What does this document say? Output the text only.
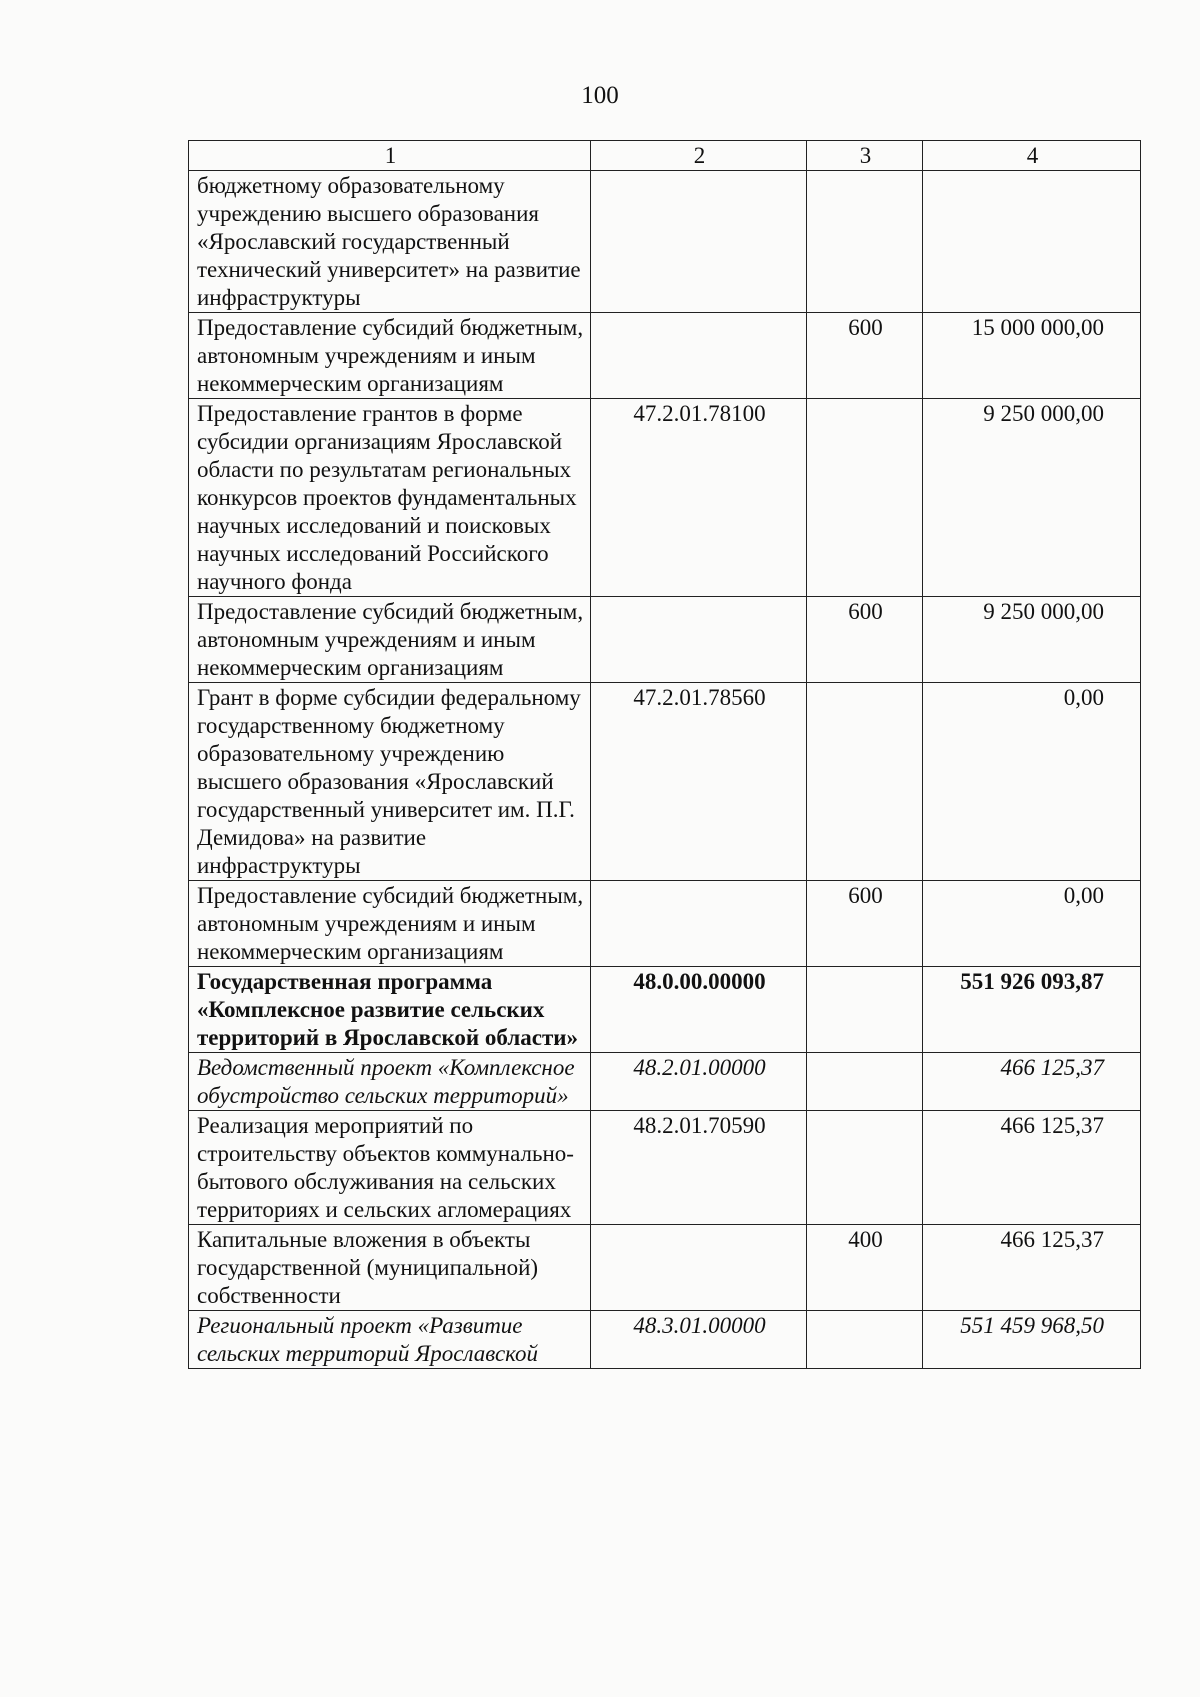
100
1	2	3	4
бюджетному образовательному учреждению высшего образования «Ярославский государственный технический университет» на развитие инфраструктуры			
Предоставление субсидий бюджетным, автономным учреждениям и иным некоммерческим организациям		600	15 000 000,00
Предоставление грантов в форме субсидии организациям Ярославской области по результатам региональных конкурсов проектов фундаментальных научных исследований и поисковых научных исследований Российского научного фонда	47.2.01.78100		9 250 000,00
Предоставление субсидий бюджетным, автономным учреждениям и иным некоммерческим организациям		600	9 250 000,00
Грант в форме субсидии федеральному государственному бюджетному образовательному учреждению высшего образования «Ярославский государственный университет им. П.Г. Демидова» на развитие инфраструктуры	47.2.01.78560		0,00
Предоставление субсидий бюджетным, автономным учреждениям и иным некоммерческим организациям		600	0,00
Государственная программа «Комплексное развитие сельских территорий в Ярославской области»	48.0.00.00000		551 926 093,87
Ведомственный проект «Комплексное обустройство сельских территорий»	48.2.01.00000		466 125,37
Реализация мероприятий по строительству объектов коммунально-бытового обслуживания на сельских территориях и сельских агломерациях	48.2.01.70590		466 125,37
Капитальные вложения в объекты государственной (муниципальной) собственности		400	466 125,37
Региональный проект «Развитие сельских территорий Ярославской	48.3.01.00000		551 459 968,50
